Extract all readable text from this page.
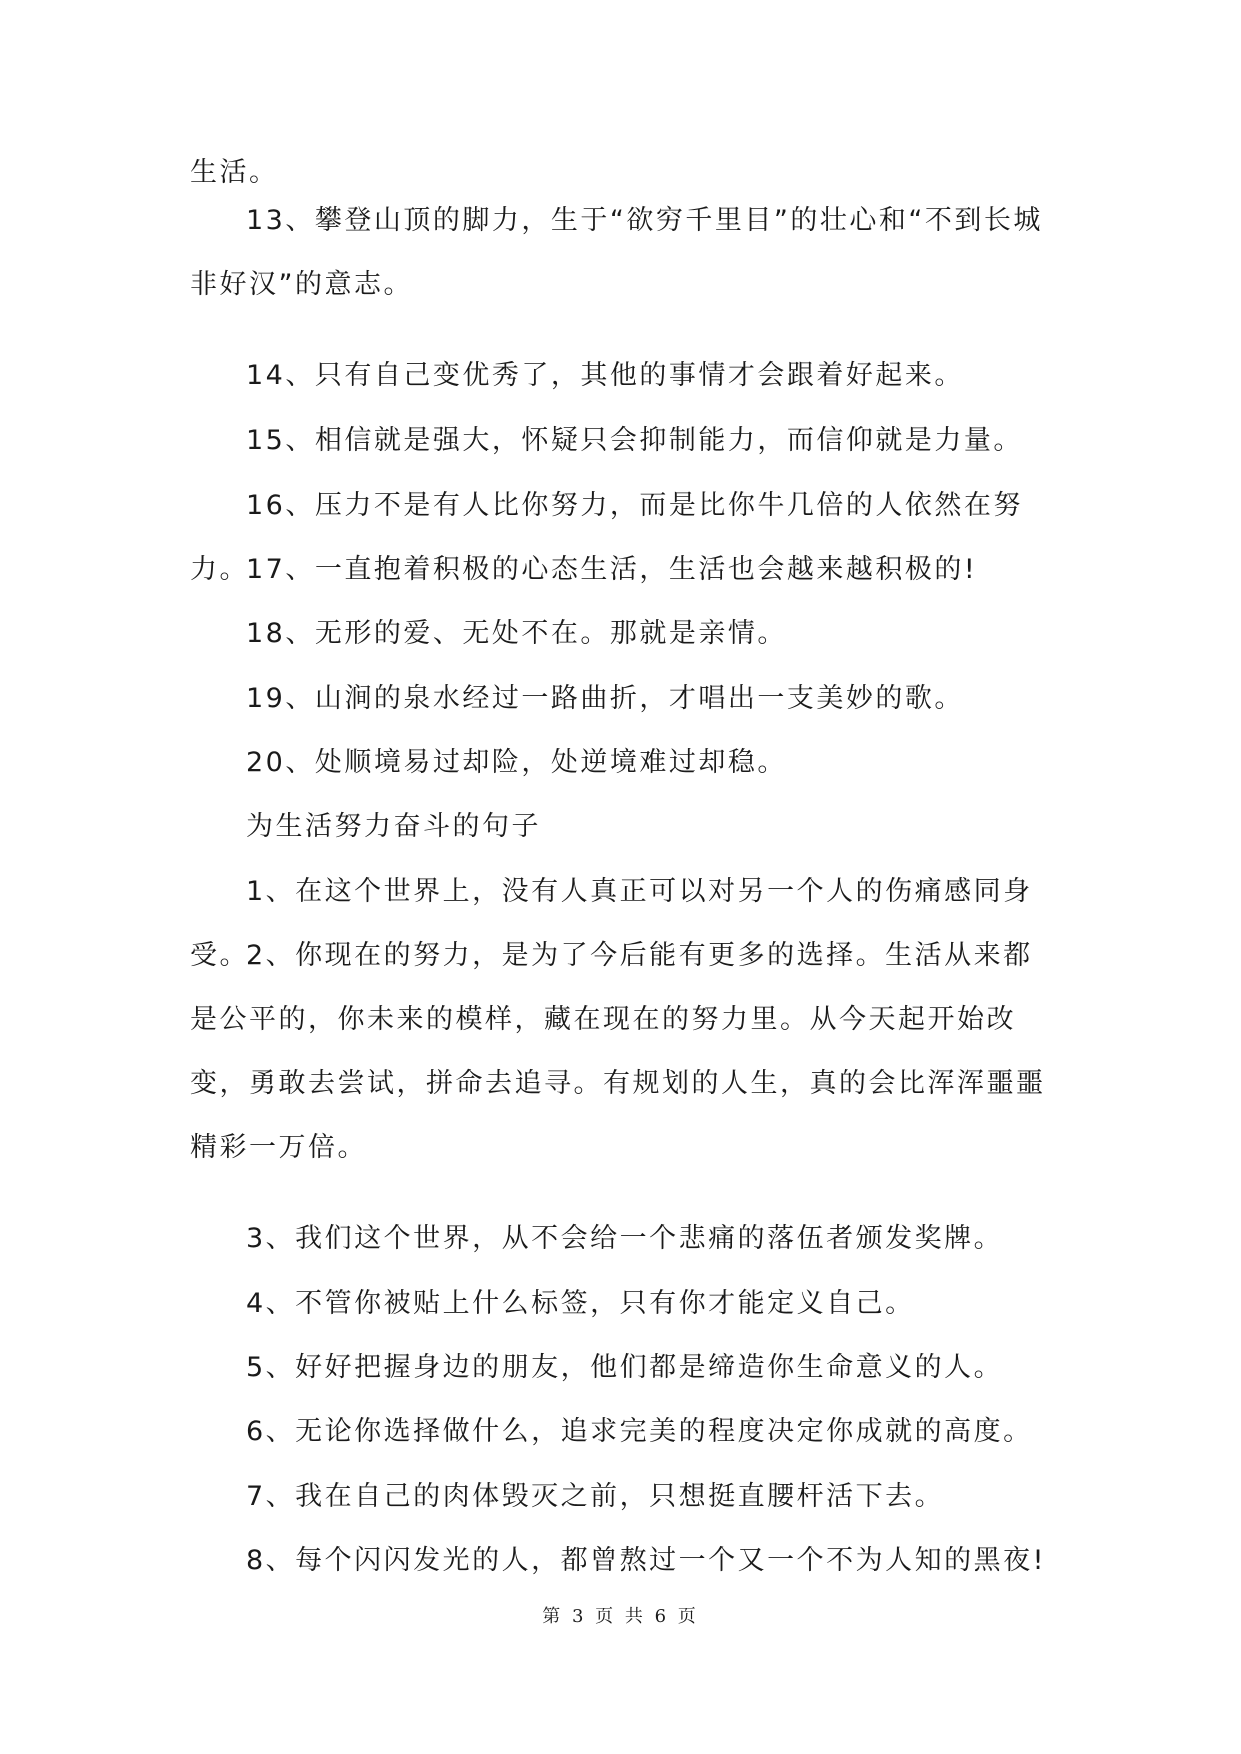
生活。

13、攀登山顶的脚力，生于“欲穷千里目”的壮心和“不到长城非好汉”的意志。

14、只有自己变优秀了，其他的事情才会跟着好起来。

15、相信就是强大，怀疑只会抑制能力，而信仰就是力量。

16、压力不是有人比你努力，而是比你牛几倍的人依然在努力。

17、一直抱着积极的心态生活，生活也会越来越积极的!

18、无形的爱、无处不在。那就是亲情。

19、山涧的泉水经过一路曲折，才唱出一支美妙的歌。

20、处顺境易过却险，处逆境难过却稳。

为生活努力奋斗的句子

1、在这个世界上，没有人真正可以对另一个人的伤痛感同身受。

2、你现在的努力，是为了今后能有更多的选择。生活从来都是公平的，你未来的模样，藏在现在的努力里。从今天起开始改变，勇敢去尝试，拼命去追寻。有规划的人生，真的会比浑浑噩噩精彩一万倍。

3、我们这个世界，从不会给一个悲痛的落伍者颁发奖牌。

4、不管你被贴上什么标签，只有你才能定义自己。

5、好好把握身边的朋友，他们都是缔造你生命意义的人。

6、无论你选择做什么，追求完美的程度决定你成就的高度。

7、我在自己的肉体毁灭之前，只想挺直腰杆活下去。

8、每个闪闪发光的人，都曾熬过一个又一个不为人知的黑夜!

第 3 页 共 6 页
